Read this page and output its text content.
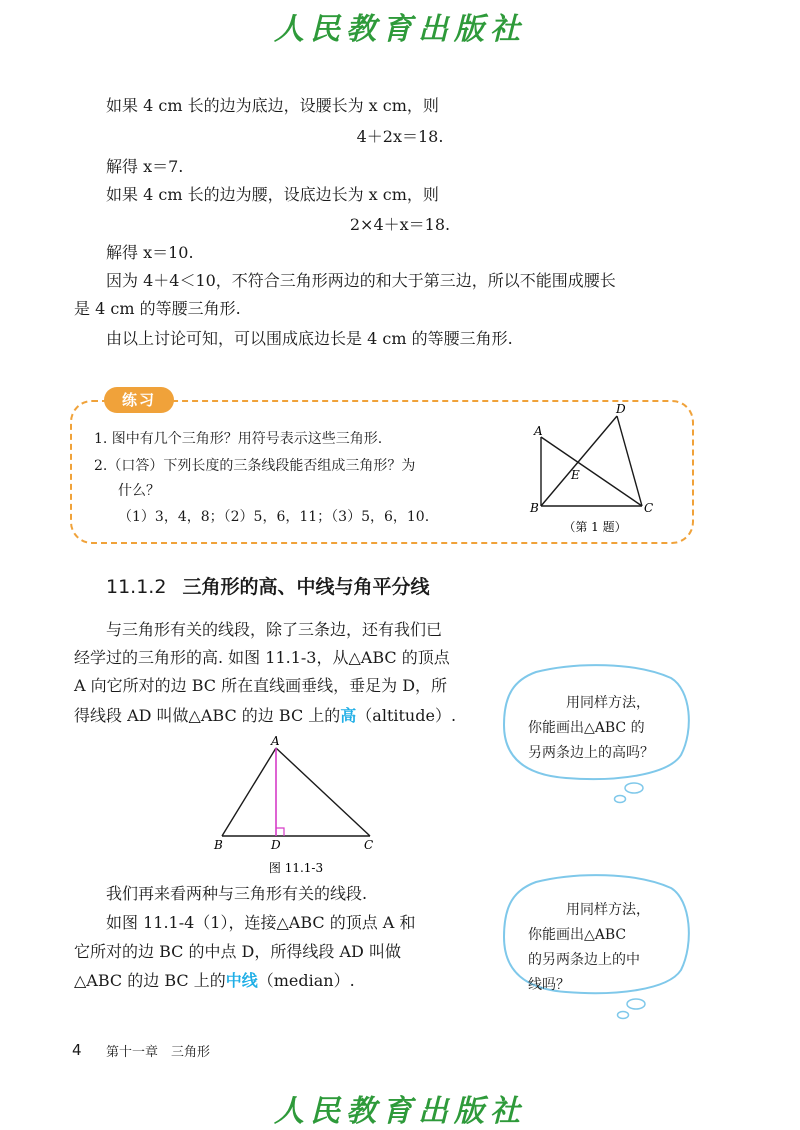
人民教育出版社
如果 4 cm 长的边为底边，设腰长为 x cm，则
4＋2x＝18.
解得 x＝7.
如果 4 cm 长的边为腰，设底边长为 x cm，则
2×4＋x＝18.
解得 x＝10.
因为 4＋4＜10，不符合三角形两边的和大于第三边，所以不能围成腰长
是 4 cm 的等腰三角形.
由以上讨论可知，可以围成底边长是 4 cm 的等腰三角形.
练习
1. 图中有几个三角形？用符号表示这些三角形.
2.（口答）下列长度的三条线段能否组成三角形？为
什么？
（1）3，4，8；（2）5，6，11；（3）5，6，10.
A
B	C
D
E
（第 1 题）
11.1.2 三角形的高、中线与角平分线
与三角形有关的线段，除了三条边，还有我们已
经学过的三角形的高. 如图 11.1-3，从△ABC 的顶点
A 向它所对的边 BC 所在直线画垂线，垂足为 D，所
得线段 AD 叫做△ABC 的边 BC 上的高（altitude）.
用同样方法，
你能画出△ABC 的
另两条边上的高吗？
A
B	C
D
图 11.1-3
我们再来看两种与三角形有关的线段.
如图 11.1-4（1），连接△ABC 的顶点 A 和
它所对的边 BC 的中点 D，所得线段 AD 叫做
△ABC 的边 BC 上的中线（median）.
用同样方法，
你能画出△ABC
的另两条边上的中
线吗？
4 第十一章　三角形
人民教育出版社
